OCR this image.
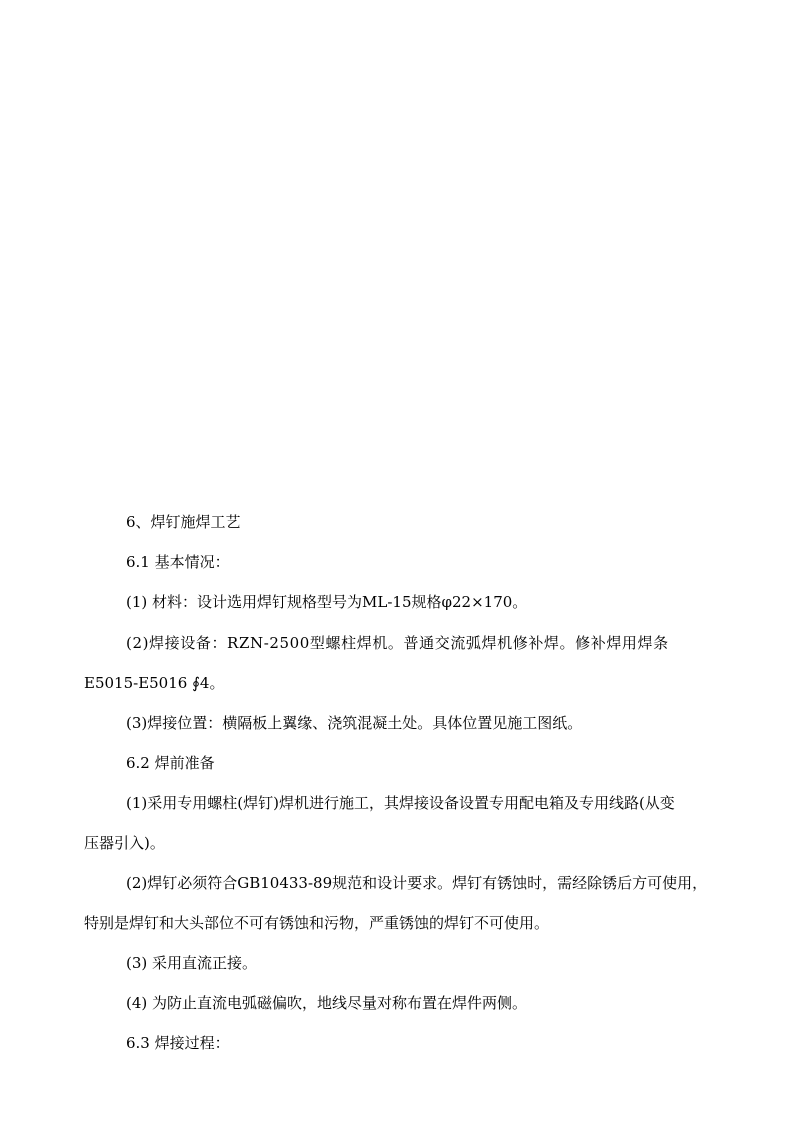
6、焊钉施焊工艺
6.1 基本情况：
(1) 材料：设计选用焊钉规格型号为ML-15规格φ22×170。
(2)焊接设备：RZN-2500型螺柱焊机。普通交流弧焊机修补焊。修补焊用焊条
E5015-E5016 ∮4。
(3)焊接位置：横隔板上翼缘、浇筑混凝土处。具体位置见施工图纸。
6.2 焊前准备
(1)采用专用螺柱(焊钉)焊机进行施工，其焊接设备设置专用配电箱及专用线路(从变
压器引入)。
(2)焊钉必须符合GB10433-89规范和设计要求。焊钉有锈蚀时，需经除锈后方可使用，
特别是焊钉和大头部位不可有锈蚀和污物，严重锈蚀的焊钉不可使用。
(3) 采用直流正接。
(4) 为防止直流电弧磁偏吹，地线尽量对称布置在焊件两侧。
6.3 焊接过程：
